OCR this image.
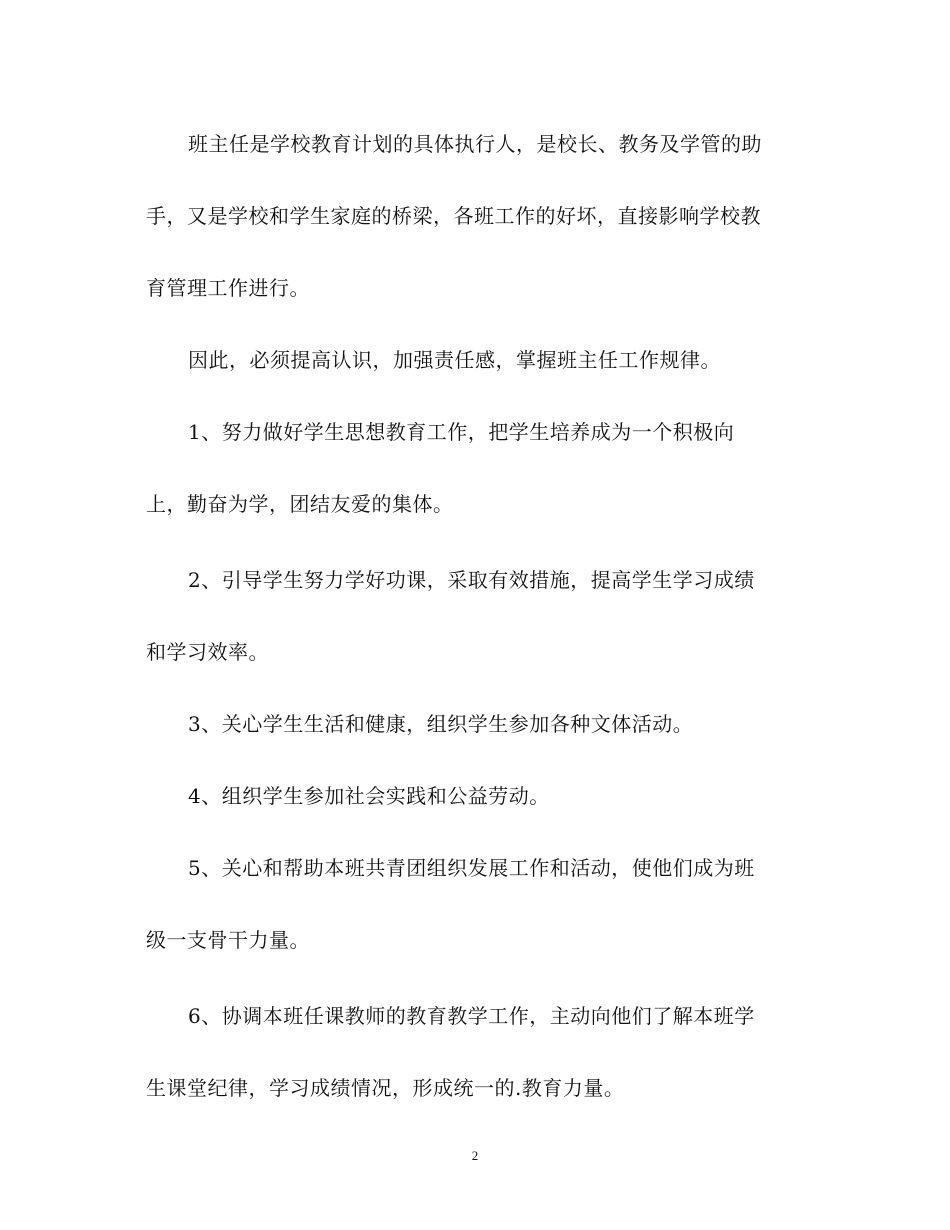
班主任是学校教育计划的具体执行人，是校长、教务及学管的助
手，又是学校和学生家庭的桥梁，各班工作的好坏，直接影响学校教
育管理工作进行。
因此，必须提高认识，加强责任感，掌握班主任工作规律。
1、努力做好学生思想教育工作，把学生培养成为一个积极向
上，勤奋为学，团结友爱的集体。
2、引导学生努力学好功课，采取有效措施，提高学生学习成绩
和学习效率。
3、关心学生生活和健康，组织学生参加各种文体活动。
4、组织学生参加社会实践和公益劳动。
5、关心和帮助本班共青团组织发展工作和活动，使他们成为班
级一支骨干力量。
6、协调本班任课教师的教育教学工作，主动向他们了解本班学
生课堂纪律，学习成绩情况，形成统一的.教育力量。
2
